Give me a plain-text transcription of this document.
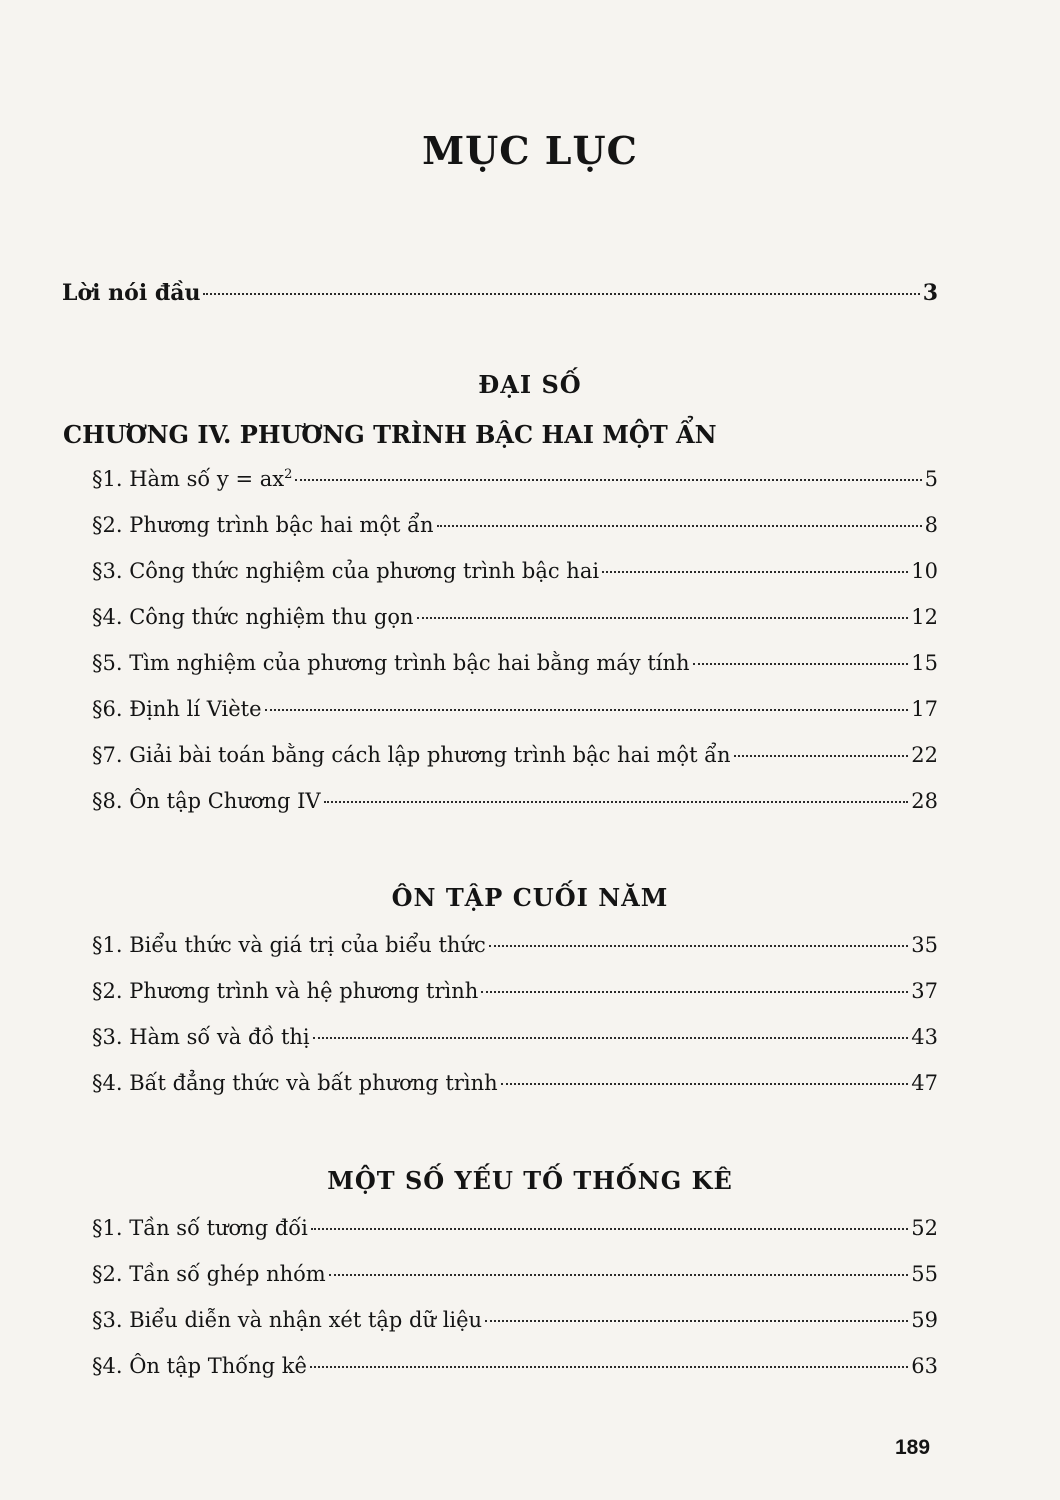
MỤC LỤC
Lời nói đầu	3
ĐẠI SỐ
CHƯƠNG IV. PHƯƠNG TRÌNH BẬC HAI MỘT ẨN
§1. Hàm số $y = ax^2$	5
§2. Phương trình bậc hai một ẩn	8
§3. Công thức nghiệm của phương trình bậc hai	10
§4. Công thức nghiệm thu gọn	12
§5. Tìm nghiệm của phương trình bậc hai bằng máy tính	15
§6. Định lí Viète	17
§7. Giải bài toán bằng cách lập phương trình bậc hai một ẩn	22
§8. Ôn tập Chương IV	28
ÔN TẬP CUỐI NĂM
§1. Biểu thức và giá trị của biểu thức	35
§2. Phương trình và hệ phương trình	37
§3. Hàm số và đồ thị	43
§4. Bất đẳng thức và bất phương trình	47
MỘT SỐ YẾU TỐ THỐNG KÊ
§1. Tần số tương đối	52
§2. Tần số ghép nhóm	55
§3. Biểu diễn và nhận xét tập dữ liệu	59
§4. Ôn tập Thống kê	63
189
